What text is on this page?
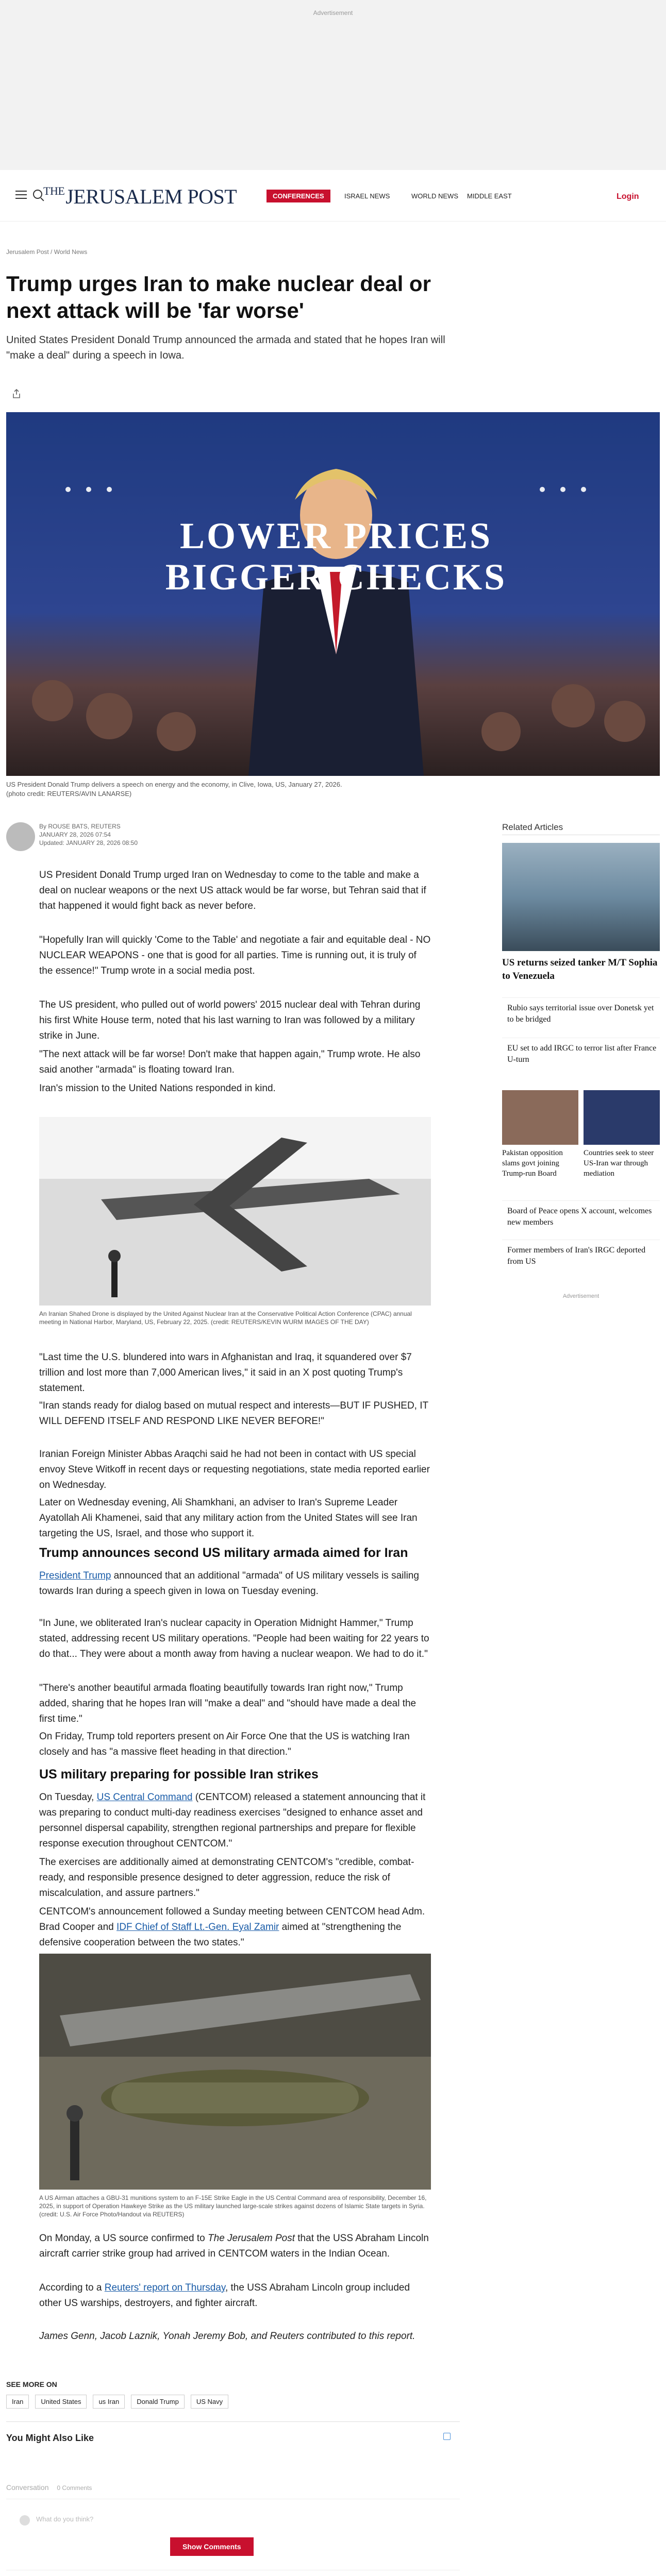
Advertisement
$^{THE}$JERUSALEM POST	CONFERENCES	ISRAEL NEWS	WORLD NEWS MIDDLE EAST	Login
Jerusalem Post / World News
Trump urges Iran to make nuclear deal or next attack will be 'far worse'
United States President Donald Trump announced the armada and stated that he hopes Iran will "make a deal" during a speech in Iowa.
LOWER PRICES
BIGGER CHECKS
US President Donald Trump delivers a speech on energy and the economy, in Clive, Iowa, US, January 27, 2026.
(photo credit: REUTERS/AVIN LANARSE)
By ROUSE BATS, REUTERS
JANUARY 28, 2026 07:54
Updated: JANUARY 28, 2026 08:50
US President Donald Trump urged Iran on Wednesday to come to the table and make a deal on nuclear weapons or the next US attack would be far worse, but Tehran said that if that happened it would fight back as never before.
"Hopefully Iran will quickly 'Come to the Table' and negotiate a fair and equitable deal - NO NUCLEAR WEAPONS - one that is good for all parties. Time is running out, it is truly of the essence!" Trump wrote in a social media post.
The US president, who pulled out of world powers' 2015 nuclear deal with Tehran during his first White House term, noted that his last warning to Iran was followed by a military strike in June.
"The next attack will be far worse! Don't make that happen again," Trump wrote. He also said another "armada" is floating toward Iran.
Iran's mission to the United Nations responded in kind.
An Iranian Shahed Drone is displayed by the United Against Nuclear Iran at the Conservative Political Action Conference (CPAC) annual meeting in National Harbor, Maryland, US, February 22, 2025. (credit: REUTERS/KEVIN WURM IMAGES OF THE DAY)
"Last time the U.S. blundered into wars in Afghanistan and Iraq, it squandered over $7 trillion and lost more than 7,000 American lives," it said in an X post quoting Trump's statement.
"Iran stands ready for dialog based on mutual respect and interests—BUT IF PUSHED, IT WILL DEFEND ITSELF AND RESPOND LIKE NEVER BEFORE!"
Iranian Foreign Minister Abbas Araqchi said he had not been in contact with US special envoy Steve Witkoff in recent days or requesting negotiations, state media reported earlier on Wednesday.
Later on Wednesday evening, Ali Shamkhani, an adviser to Iran's Supreme Leader Ayatollah Ali Khamenei, said that any military action from the United States will see Iran targeting the US, Israel, and those who support it.
Trump announces second US military armada aimed for Iran
President Trump announced that an additional "armada" of US military vessels is sailing towards Iran during a speech given in Iowa on Tuesday evening.
"In June, we obliterated Iran's nuclear capacity in Operation Midnight Hammer," Trump stated, addressing recent US military operations. "People had been waiting for 22 years to do that... They were about a month away from having a nuclear weapon. We had to do it."
"There's another beautiful armada floating beautifully towards Iran right now," Trump added, sharing that he hopes Iran will "make a deal" and "should have made a deal the first time."
On Friday, Trump told reporters present on Air Force One that the US is watching Iran closely and has "a massive fleet heading in that direction."
US military preparing for possible Iran strikes
On Tuesday, US Central Command (CENTCOM) released a statement announcing that it was preparing to conduct multi-day readiness exercises "designed to enhance asset and personnel dispersal capability, strengthen regional partnerships and prepare for flexible response execution throughout CENTCOM."
The exercises are additionally aimed at demonstrating CENTCOM's "credible, combat-ready, and responsible presence designed to deter aggression, reduce the risk of miscalculation, and assure partners."
CENTCOM's announcement followed a Sunday meeting between CENTCOM head Adm. Brad Cooper and IDF Chief of Staff Lt.-Gen. Eyal Zamir aimed at "strengthening the defensive cooperation between the two states."
A US Airman attaches a GBU-31 munitions system to an F-15E Strike Eagle in the US Central Command area of responsibility, December 16, 2025, in support of Operation Hawkeye Strike as the US military launched large-scale strikes against dozens of Islamic State targets in Syria. (credit: U.S. Air Force Photo/Handout via REUTERS)
On Monday, a US source confirmed to The Jerusalem Post that the USS Abraham Lincoln aircraft carrier strike group had arrived in CENTCOM waters in the Indian Ocean.
According to a Reuters' report on Thursday, the USS Abraham Lincoln group included other US warships, destroyers, and fighter aircraft.
James Genn, Jacob Laznik, Yonah Jeremy Bob, and Reuters contributed to this report.
SEE MORE ON
Iran	United States	us Iran	Donald Trump	US Navy
You Might Also Like
Conversation 0 Comments
What do you think?
Show Comments
Related Articles
US returns seized tanker M/T Sophia to Venezuela
Rubio says territorial issue over Donetsk yet to be bridged
EU set to add IRGC to terror list after France U-turn
Pakistan opposition slams govt joining Trump-run Board
Countries seek to steer US-Iran war through mediation
Board of Peace opens X account, welcomes new members
Former members of Iran's IRGC deported from US
Advertisement
